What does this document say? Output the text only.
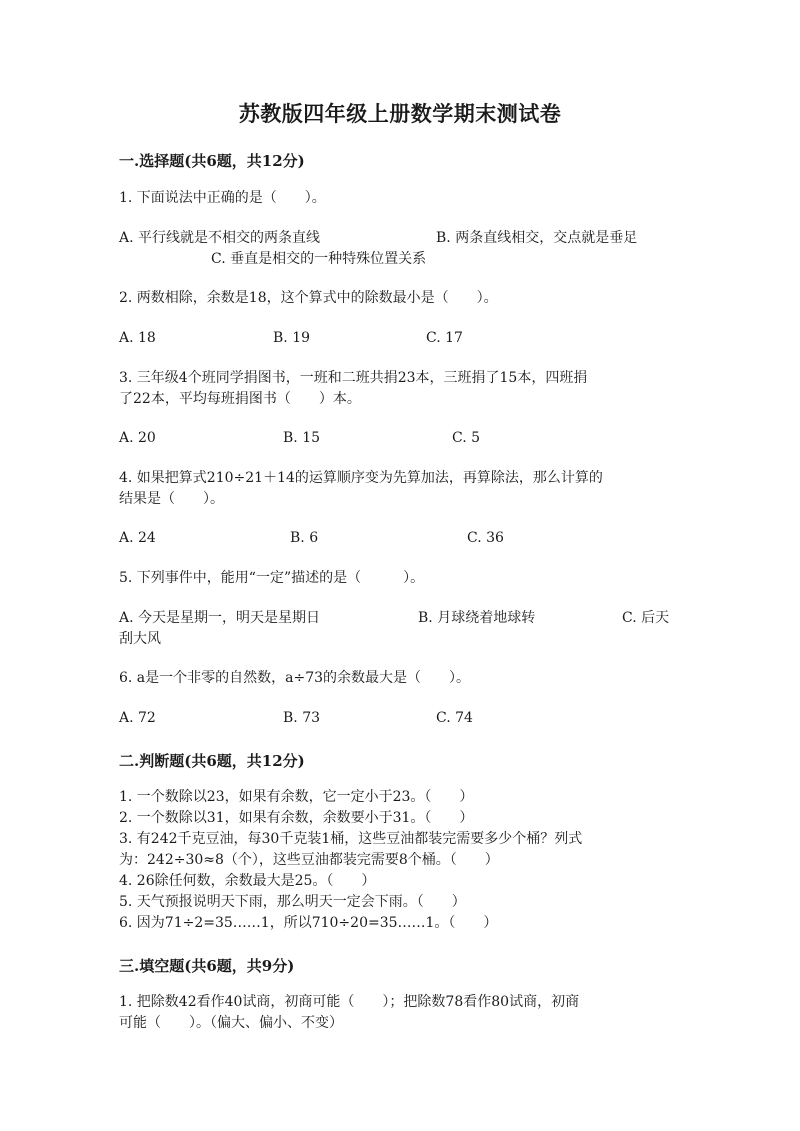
苏教版四年级上册数学期末测试卷
一.选择题(共6题，共12分)
1. 下面说法中正确的是（　　）。
A. 平行线就是不相交的两条直线	B. 两条直线相交，交点就是垂足
C. 垂直是相交的一种特殊位置关系
2. 两数相除，余数是18，这个算式中的除数最小是（　　）。
A. 18	B. 19	C. 17
3. 三年级4个班同学捐图书，一班和二班共捐23本，三班捐了15本，四班捐
了22本，平均每班捐图书（　　）本。
A. 20	B. 15	C. 5
4. 如果把算式210÷21＋14的运算顺序变为先算加法，再算除法，那么计算的
结果是（　　）。
A. 24	B. 6	C. 36
5. 下列事件中，能用“一定”描述的是（　　　）。
A. 今天是星期一，明天是星期日	B. 月球绕着地球转	C. 后天
刮大风
6. a是一个非零的自然数，a÷73的余数最大是（　　）。
A. 72	B. 73	C. 74
二.判断题(共6题，共12分)
1. 一个数除以23，如果有余数，它一定小于23。（　　）
2. 一个数除以31，如果有余数，余数要小于31。（　　）
3. 有242千克豆油，每30千克装1桶，这些豆油都装完需要多少个桶？列式
为：242÷30≈8（个），这些豆油都装完需要8个桶。（　　）
4. 26除任何数，余数最大是25。（　　）
5. 天气预报说明天下雨，那么明天一定会下雨。（　　）
6. 因为71÷2=35……1，所以710÷20=35……1。（　　）
三.填空题(共6题，共9分)
1. 把除数42看作40试商，初商可能（　　）；把除数78看作80试商，初商
可能（　　）。（偏大、偏小、不变）
